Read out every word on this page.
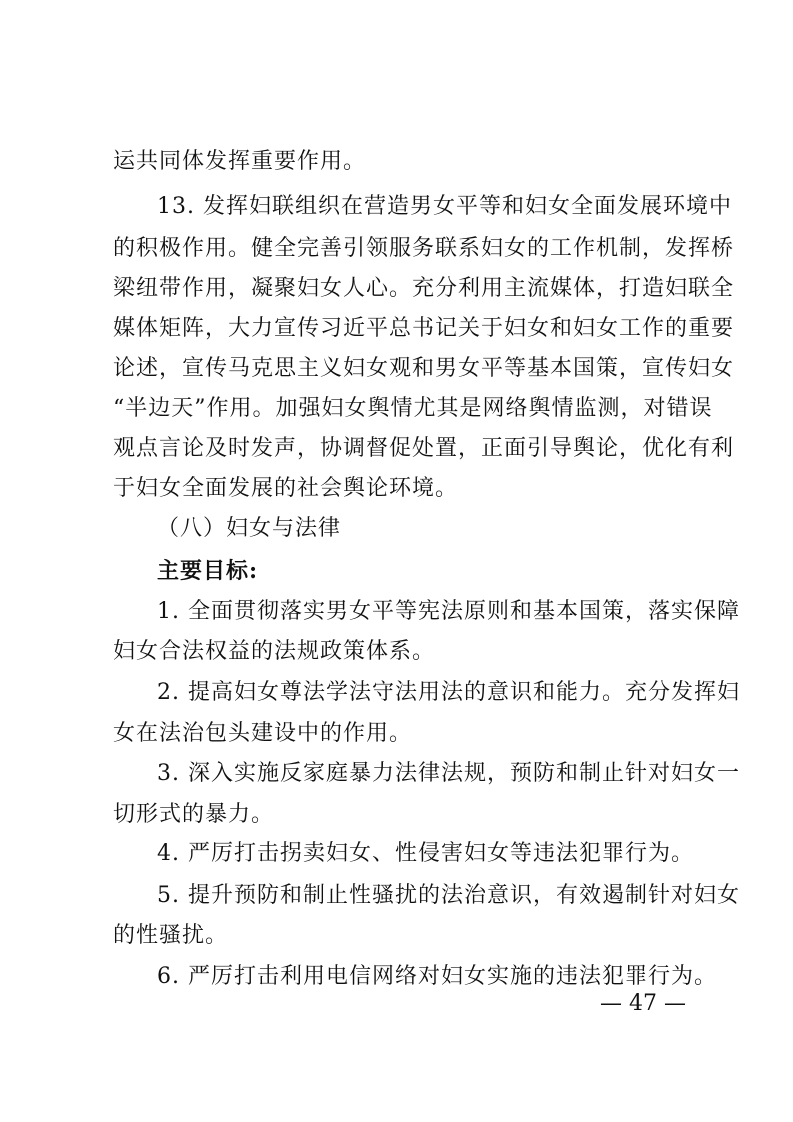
运共同体发挥重要作用。
13. 发挥妇联组织在营造男女平等和妇女全面发展环境中
的积极作用。健全完善引领服务联系妇女的工作机制，发挥桥
梁纽带作用，凝聚妇女人心。充分利用主流媒体，打造妇联全
媒体矩阵，大力宣传习近平总书记关于妇女和妇女工作的重要
论述，宣传马克思主义妇女观和男女平等基本国策，宣传妇女
“半边天”作用。加强妇女舆情尤其是网络舆情监测，对错误
观点言论及时发声，协调督促处置，正面引导舆论，优化有利
于妇女全面发展的社会舆论环境。
（八）妇女与法律
主要目标:
1. 全面贯彻落实男女平等宪法原则和基本国策，落实保障
妇女合法权益的法规政策体系。
2. 提高妇女尊法学法守法用法的意识和能力。充分发挥妇
女在法治包头建设中的作用。
3. 深入实施反家庭暴力法律法规，预防和制止针对妇女一
切形式的暴力。
4. 严厉打击拐卖妇女、性侵害妇女等违法犯罪行为。
5. 提升预防和制止性骚扰的法治意识，有效遏制针对妇女
的性骚扰。
6. 严厉打击利用电信网络对妇女实施的违法犯罪行为。
— 47 —
